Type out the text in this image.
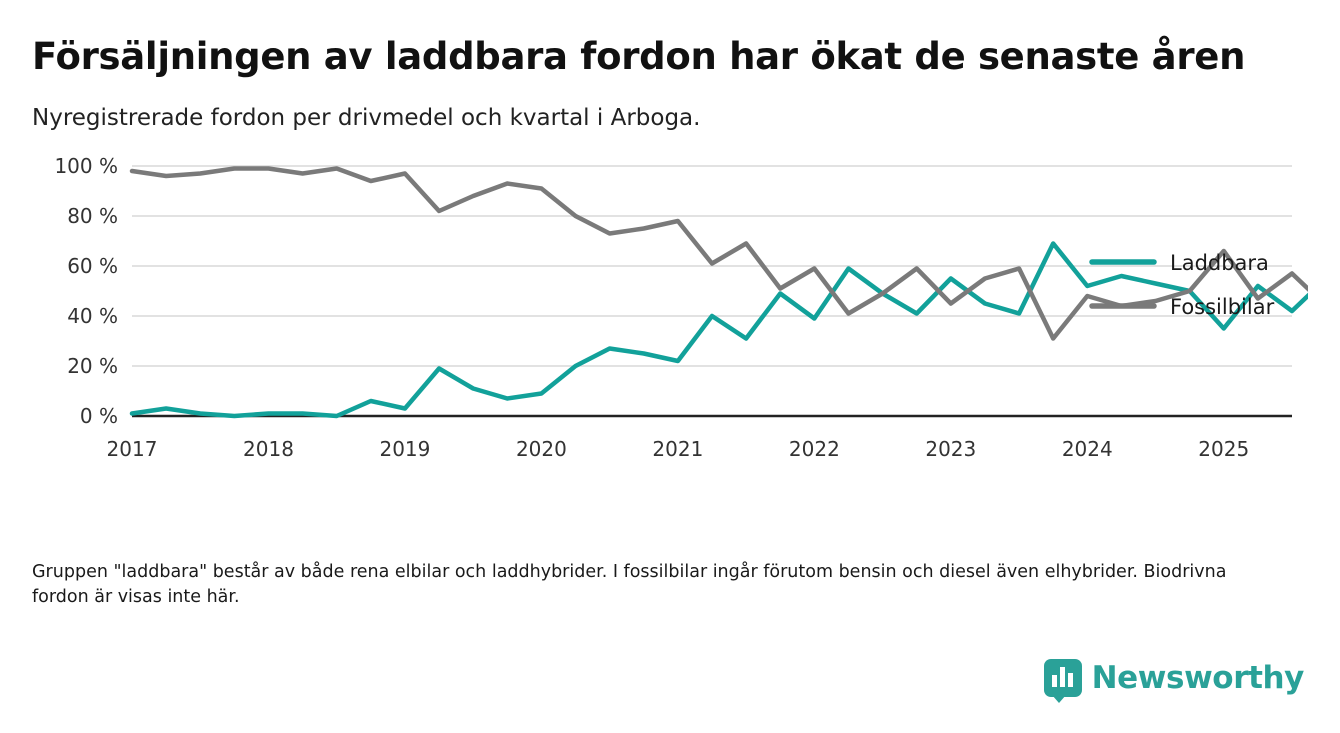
Försäljningen av laddbara fordon har ökat de senaste åren

Nyregistrerade fordon per drivmedel och kvartal i Arboga.

0 %
20 %
40 %
60 %
80 %
100 %
2017	2018	2019	2020	2021	2022	2023	2024	2025
Laddbara
Fossilbilar
Gruppen "laddbara" består av både rena elbilar och laddhybrider. I fossilbilar ingår förutom bensin och diesel även elhybrider. Biodrivna fordon är visas inte här.
Newsworthy
